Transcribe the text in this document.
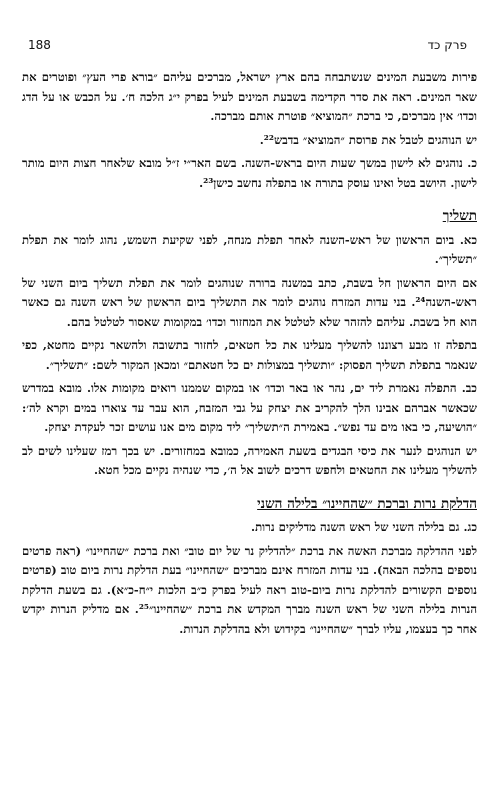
188	פרק כד

פירות משבעת המינים שנשתבחה בהם ארץ ישראל, מברכים עליהם ״בורא פרי העץ״ ופוטרים את שאר המינים. ראה את סדר הקדימה בשבעת המינים לעיל בפרק י״ג הלכה ח׳. על הכבש או על הדג וכדו׳ אין מברכים, כי ברכת ״המוציא״ פוטרת אותם מברכה.

יש הנוהגים לטבל את פרוסת ״המוציא״ בדבש²².

כ. נוהגים לא לישון במשך שעות היום בראש-השנה. בשם האר״י ז״ל מובא שלאחר חצות היום מותר לישון. היושב בטל ואינו עוסק בתורה או בתפלה נחשב כישן²³.

תשליך

כא. ביום הראשון של ראש-השנה לאחר תפלת מנחה, לפני שקיעת השמש, נהוג לומר את תפלת ״תשליך״.

אם היום הראשון חל בשבת, כתב במשנה ברורה שנוהגים לומר את תפלת תשליך ביום השני של ראש-השנה²⁴. בני עדות המזרח נוהגים לומר את התשליך ביום הראשון של ראש השנה גם כאשר הוא חל בשבת. עליהם להזהר שלא לטלטל את המחזור וכדו׳ במקומות שאסור לטלטל בהם.

בתפלה זו מבע רצוננו להשליך מעלינו את כל חטאים, לחזור בתשובה ולהשאר נקיים מחטא, כפי שנאמר בתפלת תשליך הפסוק: ״ותשליך במצולות ים כל חטאתם״ ומכאן המקור לשם: ״תשליך״.

כב. התפלה נאמרת ליד ים, נהר או באר וכדו׳ או במקום שממנו רואים מקומות אלו. מובא במדרש שכאשר אברהם אבינו הלך להקריב את יצחק על גבי המזבח, הוא עבר עד צוארו במים וקרא לה׳: ״הושיעה, כי באו מים עד נפש״. באמירת ה״תשליך״ ליד מקום מים אנו עושים זכר לעקדת יצחק.

יש הנוהגים לנער את כיסי הבגדים בשעת האמירה, כמובא במחזורים. יש בכך רמז שעלינו לשים לב להשליך מעלינו את החטאים ולחפש דרכים לשוב אל ה׳, כדי שנהיה נקיים מכל חטא.

הדלקת נרות וברכת ״שהחיינו״ בלילה השני

כג. גם בלילה השני של ראש השנה מדליקים נרות.

לפני ההדלקה מברכת האשה את ברכת ״להדליק נר של יום טוב״ ואת ברכת ״שהחיינו״ (ראה פרטים נוספים בהלכה הבאה). בני עדות המזרח אינם מברכים ״שהחיינו״ בעת הדלקת נרות ביום טוב (פרטים נוספים הקשורים להדלקת נרות ביום-טוב ראה לעיל בפרק כ״ב הלכות י״ח-כ״א). גם בשעת הדלקת הנרות בלילה השני של ראש השנה מברך המקדש את ברכת ״שהחיינו״²⁵. אם מדליק הנרות יקדש אחר כך בעצמו, עליו לברך ״שהחיינו״ בקידוש ולא בהדלקת הנרות.
